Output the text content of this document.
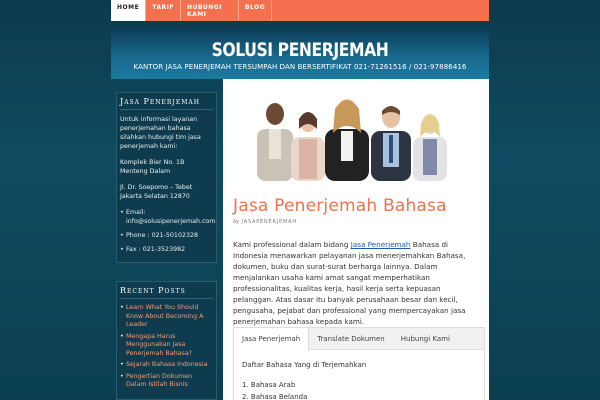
HOME	TARIF	HUBUNGI KAMI
BLOG
SOLUSI PENERJEMAH
KANTOR JASA PENERJEMAH TERSUMPAH DAN BERSERTIFIKAT 021-71261516 / 021-97886416
Jasa Penerjemah

Untuk informasi layanan penerjemahan bahasa silahkan hubungi tim jasa penerjemah kami:

Komplek Bier No. 1B Menteng Dalam

Jl. Dr. Soepomo – Tebet Jakarta Selatan 12870

• Email: info@solusipenerjemah.com
• Phone : 021-50102328
• Fax : 021-3523982
Recent Posts
• Learn What You Should Know About Becoming A Leader
• Mengapa Harus Menggunakan Jasa Penerjemah Bahasa?
• Sejarah Bahasa Indonesia
• Pengertian Dokumen Dalam Istilah Bisnis
Jasa Penerjemah Bahasa
by JASAPENERJEMAH
Kami professional dalam bidang Jasa Penerjemah Bahasa di Indonesia menawarkan pelayanan jasa menerjemahkan Bahasa, dokumen, buku dan surat-surat berharga lainnya. Dalam menjalankan usaha kami amat sangat memperhatikan professionalitas, kualitas kerja, hasil kerja serta kepuasan pelanggan. Atas dasar itu banyak perusahaan besar dan kecil, pengusaha, pejabat dan professional yang mempercayakan jasa penerjemahan bahasa kepada kami.
Jasa Penerjemah	Translate Dokumen	Hubungi Kami
Daftar Bahasa Yang di Terjemahkan
1. Bahasa Arab
2. Bahasa Belanda
